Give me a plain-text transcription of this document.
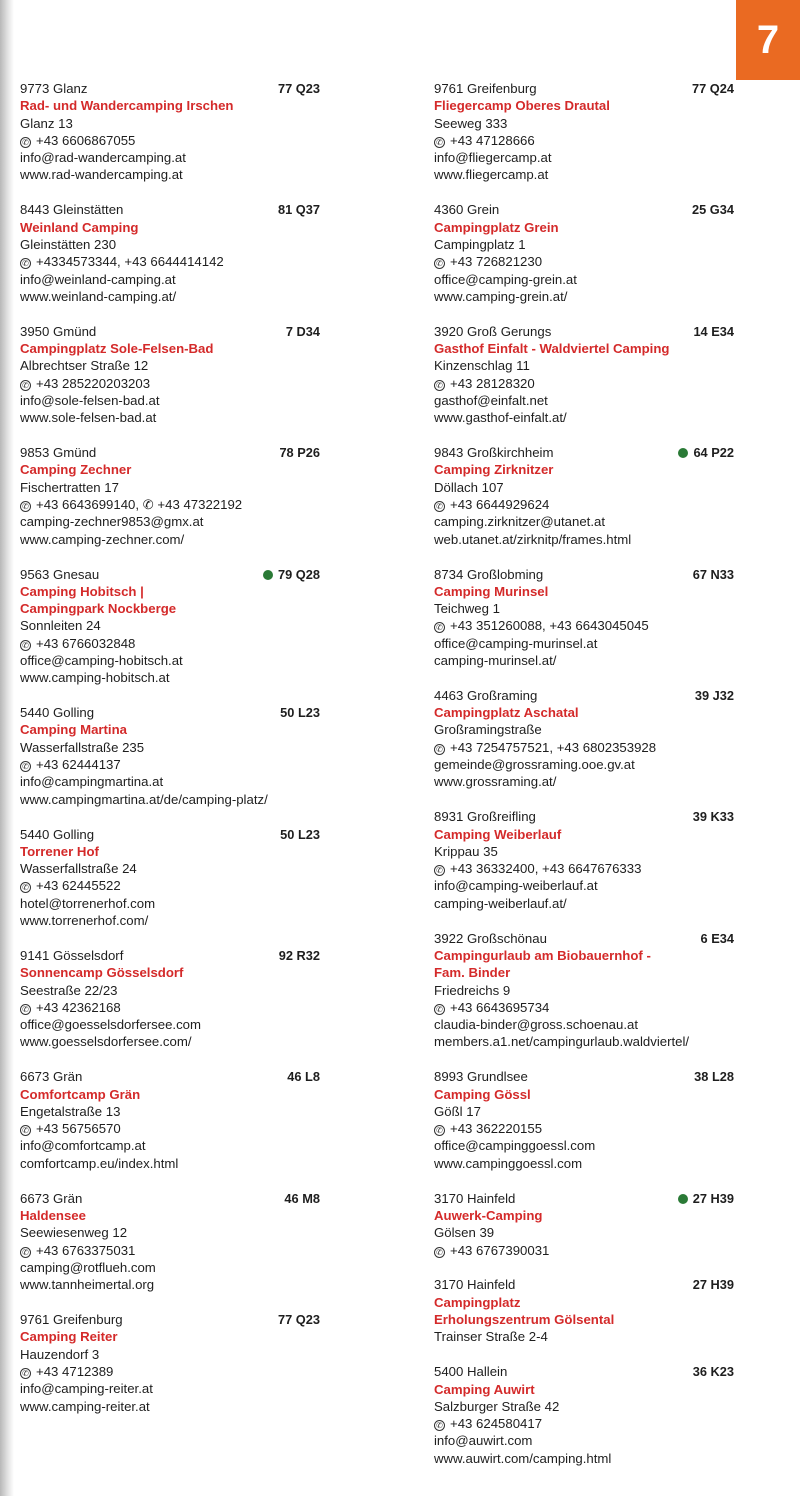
7
9773 Glanz	77 Q23
Rad- und Wandercamping Irschen
Glanz 13
✆ +43 6606867055
info@rad-wandercamping.at
www.rad-wandercamping.at
8443 Gleinstätten	81 Q37
Weinland Camping
Gleinstätten 230
✆ +4334573344, +43 6644414142
info@weinland-camping.at
www.weinland-camping.at/
3950 Gmünd	7 D34
Campingplatz Sole-Felsen-Bad
Albrechtser Straße 12
✆ +43 285220203203
info@sole-felsen-bad.at
www.sole-felsen-bad.at
9853 Gmünd	78 P26
Camping Zechner
Fischertratten 17
✆ +43 6643699140, ✆ +43 47322192
camping-zechner9853@gmx.at
www.camping-zechner.com/
9563 Gnesau	79 Q28
Camping Hobitsch |
Campingpark Nockberge
Sonnleiten 24
✆ +43 6766032848
office@camping-hobitsch.at
www.camping-hobitsch.at
5440 Golling	50 L23
Camping Martina
Wasserfallstraße 235
✆ +43 62444137
info@campingmartina.at
www.campingmartina.at/de/camping-platz/
5440 Golling	50 L23
Torrener Hof
Wasserfallstraße 24
✆ +43 62445522
hotel@torrenerhof.com
www.torrenerhof.com/
9141 Gösselsdorf	92 R32
Sonnencamp Gösselsdorf
Seestraße 22/23
✆ +43 42362168
office@goesselsdorfersee.com
www.goesselsdorfersee.com/
6673 Grän	46 L8
Comfortcamp Grän
Engetalstraße 13
✆ +43 56756570
info@comfortcamp.at
comfortcamp.eu/index.html
6673 Grän	46 M8
Haldensee
Seewiesenweg 12
✆ +43 6763375031
camping@rotflueh.com
www.tannheimertal.org
9761 Greifenburg	77 Q23
Camping Reiter
Hauzendorf 3
✆ +43 4712389
info@camping-reiter.at
www.camping-reiter.at
9761 Greifenburg	77 Q24
Fliegercamp Oberes Drautal
Seeweg 333
✆ +43 47128666
info@fliegercamp.at
www.fliegercamp.at
4360 Grein	25 G34
Campingplatz Grein
Campingplatz 1
✆ +43 726821230
office@camping-grein.at
www.camping-grein.at/
3920 Groß Gerungs	14 E34
Gasthof Einfalt - Waldviertel Camping
Kinzenschlag 11
✆ +43 28128320
gasthof@einfalt.net
www.gasthof-einfalt.at/
9843 Großkirchheim	64 P22
Camping Zirknitzer
Döllach 107
✆ +43 6644929624
camping.zirknitzer@utanet.at
web.utanet.at/zirknitp/frames.html
8734 Großlobming	67 N33
Camping Murinsel
Teichweg 1
✆ +43 351260088, +43 6643045045
office@camping-murinsel.at
camping-murinsel.at/
4463 Großraming	39 J32
Campingplatz Aschatal
Großramingstraße
✆ +43 7254757521, +43 6802353928
gemeinde@grossraming.ooe.gv.at
www.grossraming.at/
8931 Großreifling	39 K33
Camping Weiberlauf
Krippau 35
✆ +43 36332400, +43 6647676333
info@camping-weiberlauf.at
camping-weiberlauf.at/
3922 Großschönau	6 E34
Campingurlaub am Biobauernhof -
Fam. Binder
Friedreichs 9
✆ +43 6643695734
claudia-binder@gross.schoenau.at
members.a1.net/campingurlaub.waldviertel/
8993 Grundlsee	38 L28
Camping Gössl
Gößl 17
✆ +43 362220155
office@campinggoessl.com
www.campinggoessl.com
3170 Hainfeld	27 H39
Auwerk-Camping
Gölsen 39
✆ +43 6767390031
3170 Hainfeld	27 H39
Campingplatz
Erholungszentrum Gölsental
Trainser Straße 2-4
5400 Hallein	36 K23
Camping Auwirt
Salzburger Straße 42
✆ +43 624580417
info@auwirt.com
www.auwirt.com/camping.html
